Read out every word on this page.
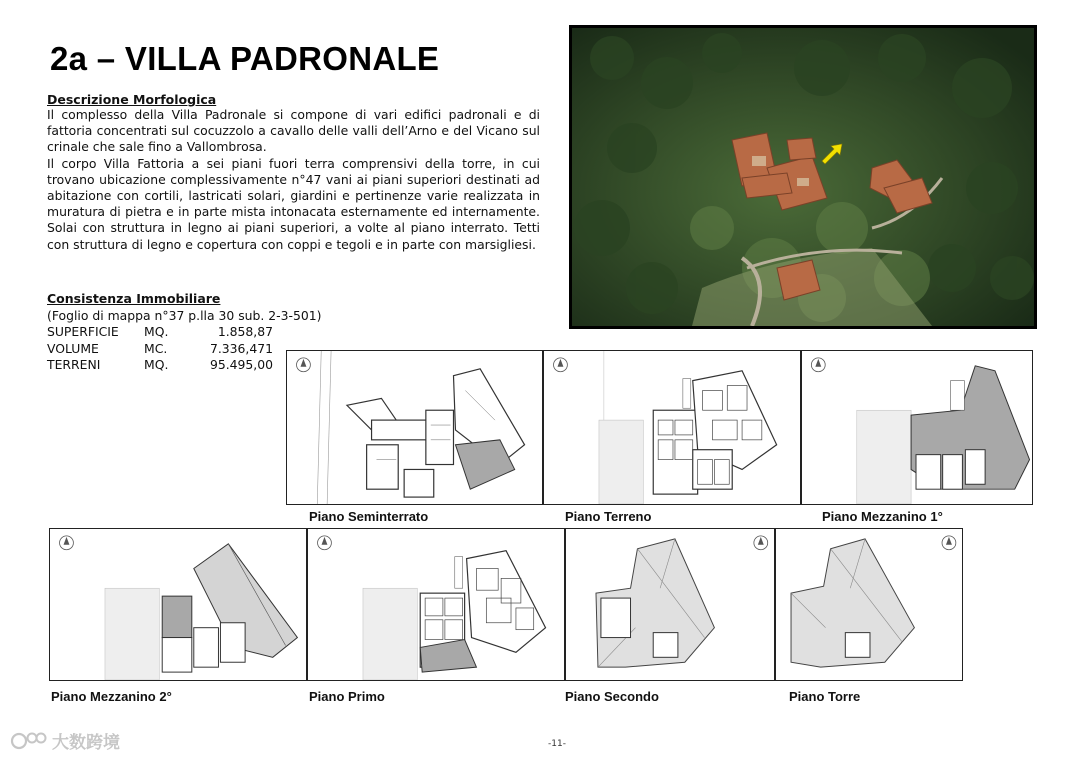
2a – VILLA PADRONALE
Descrizione Morfologica

Il complesso della Villa Padronale si compone di vari edifici padronali e di fattoria concentrati sul cocuzzolo a cavallo delle valli dell’Arno e del Vicano sul crinale che sale fino a Vallombrosa.

Il corpo Villa Fattoria a sei piani fuori terra comprensivi della torre, in cui trovano ubicazione complessivamente n°47 vani ai piani superiori destinati ad abitazione con cortili, lastricati solari, giardini e pertinenze varie realizzata in muratura di pietra e in parte mista intonacata esternamente ed internamente. Solai con struttura in legno ai piani superiori, a volte al piano interrato. Tetti con struttura di legno e copertura con coppi e tegoli e in parte con marsigliesi.

Consistenza Immobiliare
(Foglio di mappa n°37 p.lla 30 sub. 2-3-501)
SUPERFICIE	MQ.	1.858,87
VOLUME	MC.	7.336,471
TERRENI	MQ.	95.495,00
Piano Seminterrato	Piano Terreno	Piano Mezzanino 1°
Piano Mezzanino 2°	Piano Primo	Piano Secondo	Piano Torre
-11-
大数跨境
